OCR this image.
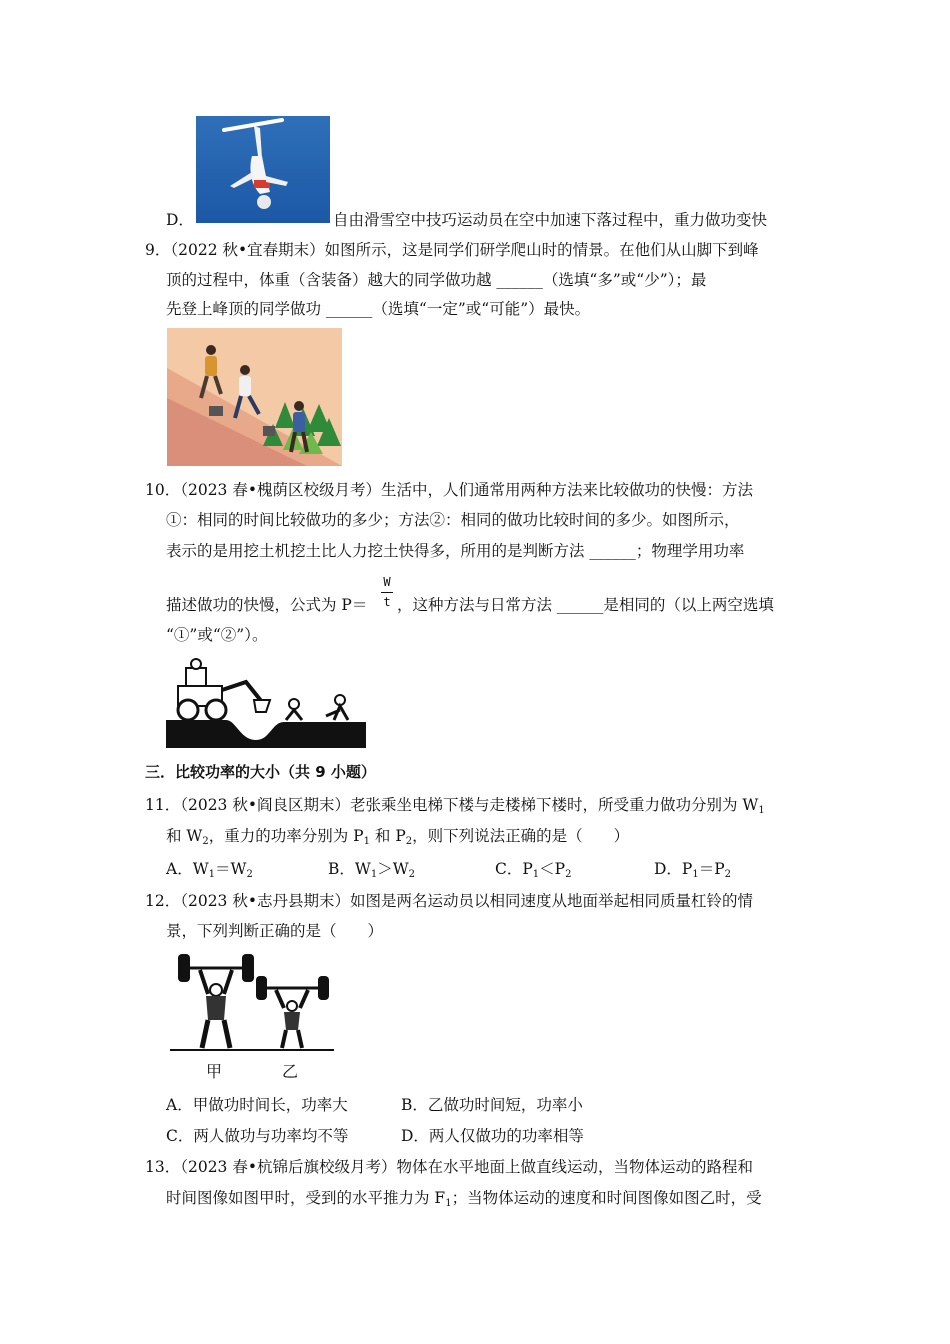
D．	自由滑雪空中技巧运动员在空中加速下落过程中，重力做功变快
9．（2022 秋•宜春期末）如图所示，这是同学们研学爬山时的情景。在他们从山脚下到峰
顶的过程中，体重（含装备）越大的同学做功越 ______（选填“多”或“少”）；最
先登上峰顶的同学做功 ______（选填“一定”或“可能”）最快。
10．（2023 春•槐荫区校级月考）生活中，人们通常用两种方法来比较做功的快慢：方法
①：相同的时间比较做功的多少；方法②：相同的做功比较时间的多少。如图所示，
表示的是用挖土机挖土比人力挖土快得多，所用的是判断方法 ______；物理学用功率
描述做功的快慢，公式为 P＝
W
t ，这种方法与日常方法 ______是相同的（以上两空选填
“①”或“②”）。
三．比较功率的大小（共 9 小题）
11．（2023 秋•阎良区期末）老张乘坐电梯下楼与走楼梯下楼时，所受重力做功分别为 $W_1$
和 $W_2$，重力的功率分别为 $P_1$ 和 $P_2$，则下列说法正确的是（　　）
A．$W_1=W_2$	B．$W_1>W_2$	C．$P_1<P_2$	D．$P_1=P_2$
12．（2023 秋•志丹县期末）如图是两名运动员以相同速度从地面举起相同质量杠铃的情
景，下列判断正确的是（　　）
甲	乙
A．甲做功时间长，功率大	B．乙做功时间短，功率小
C．两人做功与功率均不等	D．两人仅做功的功率相等
13．（2023 春•杭锦后旗校级月考）物体在水平地面上做直线运动，当物体运动的路程和
时间图像如图甲时，受到的水平推力为 $F_1$；当物体运动的速度和时间图像如图乙时，受
